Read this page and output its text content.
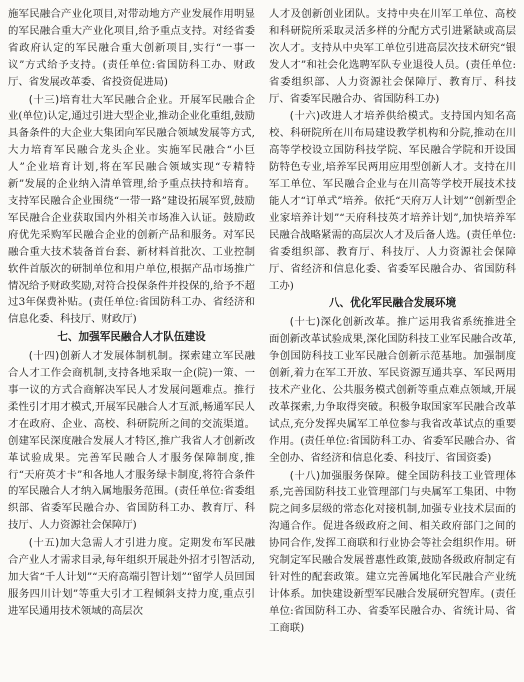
施军民融合产业化项目,对带动地方产业发展作用明显的军民融合重大产业化项目,给予重点支持。对经省委省政府认定的军民融合重大创新项目,实行“一事一议”方式给予支持。(责任单位:省国防科工办、财政厅、省发展改革委、省投资促进局)

(十三)培育壮大军民融合企业。开展军民融合企业(单位)认定,通过引进大型企业,推动企业化重组,鼓励具备条件的大企业大集团向军民融合领域发展等方式,大力培育军民融合龙头企业。实施军民融合“小巨人”企业培育计划,将在军民融合领域实现“专精特新”发展的企业纳入清单管理,给予重点扶持和培育。支持军民融合企业围绕“一带一路”建设拓展军贸,鼓励军民融合企业获取国内外相关市场准入认证。鼓励政府优先采购军民融合企业的创新产品和服务。对军民融合重大技术装备首台套、新材料首批次、工业控制软件首版次的研制单位和用户单位,根据产品市场推广情况给予财政奖励,对符合投保条件并投保的,给予不超过3年保费补贴。(责任单位:省国防科工办、省经济和信息化委、科技厅、财政厅)

七、加强军民融合人才队伍建设

(十四)创新人才发展体制机制。探索建立军民融合人才工作会商机制,支持各地采取一企(院)一策、一事一议的方式合商解决军民人才发展问题难点。推行柔性引才用才模式,开展军民融合人才互派,畅通军民人才在政府、企业、高校、科研院所之间的交流渠道。创建军民深度融合发展人才特区,推广我省人才创新改革试验成果。完善军民融合人才服务保障制度,推行“天府英才卡”和各地人才服务绿卡制度,将符合条件的军民融合人才纳入属地服务范围。(责任单位:省委组织部、省委军民融合办、省国防科工办、教育厅、科技厅、人力资源社会保障厅)

(十五)加大急需人才引进力度。定期发布军民融合产业人才需求目录,每年组织开展赴外招才引智活动,加大省“千人计划”“天府高端引智计划”“留学人员回国服务四川计划”等重大引才工程倾斜支持力度,重点引进军民通用技术领域的高层次

人才及创新创业团队。支持中央在川军工单位、高校和科研院所采取灵活多样的分配方式引进紧缺或高层次人才。支持从中央军工单位引进高层次技术研究“银发人才”和社会化选聘军队专业退役人员。(责任单位:省委组织部、人力资源社会保障厅、教育厅、科技厅、省委军民融合办、省国防科工办)

(十六)改进人才培养供给模式。支持国内知名高校、科研院所在川布局建设教学机构和分院,推动在川高等学校设立国防科技学院、军民融合学院和开设国防特色专业,培养军民两用应用型创新人才。支持在川军工单位、军民融合企业与在川高等学校开展技术技能人才“订单式”培养。依托“天府万人计划”“创新型企业家培养计划”“天府科技英才培养计划”,加快培养军民融合战略紧需的高层次人才及后备人选。(责任单位:省委组织部、教育厅、科技厅、人力资源社会保障厅、省经济和信息化委、省委军民融合办、省国防科工办)

八、优化军民融合发展环境

(十七)深化创新改革。推广运用我省系统推进全面创新改革试验成果,深化国防科技工业军民融合改革,争创国防科技工业军民融合创新示范基地。加强制度创新,着力在军工开放、军民资源互通共享、军民两用技术产业化、公共服务模式创新等重点难点领域,开展改革探索,力争取得突破。积极争取国家军民融合改革试点,充分发挥央属军工单位参与我省改革试点的重要作用。(责任单位:省国防科工办、省委军民融合办、省全创办、省经济和信息化委、科技厅、省国资委)

(十八)加强服务保障。健全国防科技工业管理体系,完善国防科技工业管理部门与央属军工集团、中物院之间多层级的常态化对接机制,加强专业技术层面的沟通合作。促进各级政府之间、相关政府部门之间的协同合作,发挥工商联和行业协会等社会组织作用。研究制定军民融合发展普惠性政策,鼓励各级政府制定有针对性的配套政策。建立完善属地化军民融合产业统计体系。加快建设新型军民融合发展研究智库。(责任单位:省国防科工办、省委军民融合办、省统计局、省工商联)
